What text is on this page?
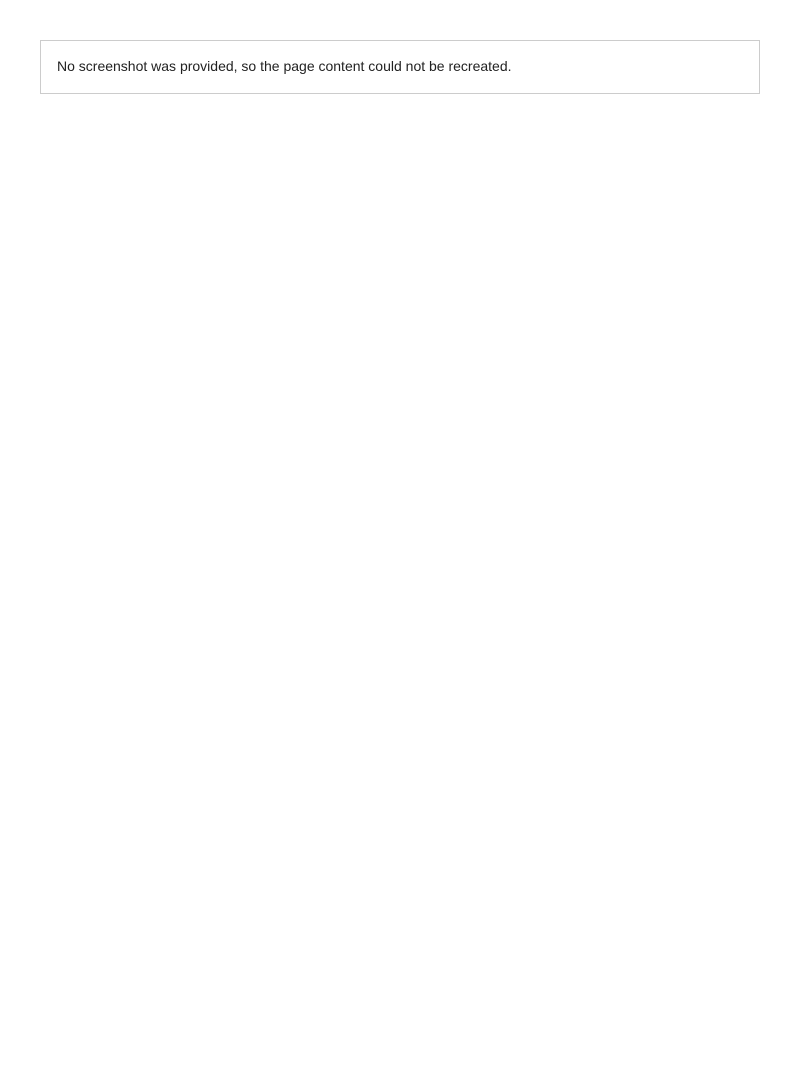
No screenshot was provided, so the page content could not be recreated.
